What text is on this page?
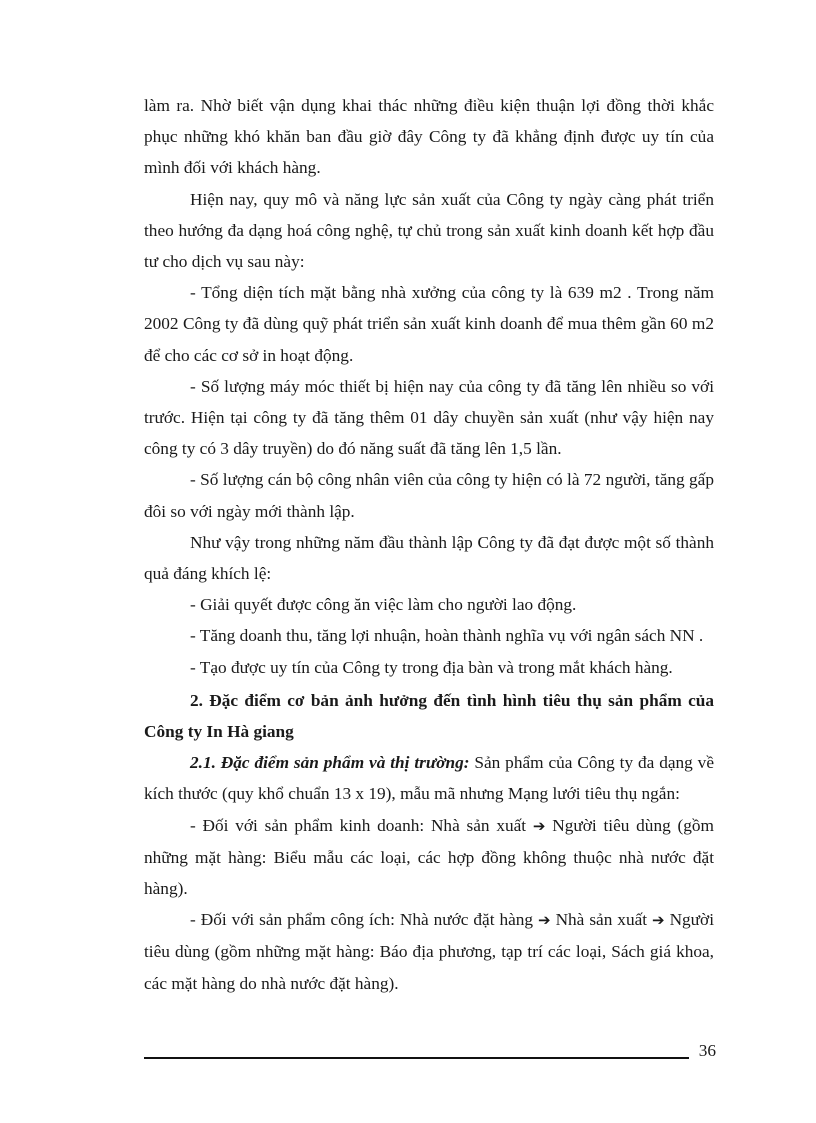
làm ra. Nhờ biết vận dụng khai thác những điều kiện thuận lợi đồng thời khắc phục những khó khăn ban đầu giờ đây Công ty đã khẳng định được uy tín của mình đối với khách hàng.

Hiện nay, quy mô và năng lực sản xuất của Công ty ngày càng phát triển theo hướng đa dạng hoá công nghệ, tự chủ trong sản xuất kinh doanh kết hợp đầu tư cho dịch vụ sau này:

- Tổng diện tích mặt bằng nhà xưởng của công ty là 639 m2 . Trong năm 2002 Công ty đã dùng quỹ phát triển sản xuất kinh doanh để mua thêm gần 60 m2 để cho các cơ sở in hoạt động.

- Số lượng máy móc thiết bị hiện nay của công ty đã tăng lên nhiều so với trước. Hiện tại công ty đã tăng thêm 01 dây chuyền sản xuất (như vậy hiện nay công ty có 3 dây truyền) do đó năng suất đã tăng lên 1,5 lần.

- Số lượng cán bộ công nhân viên của công ty hiện có là 72 người, tăng gấp đôi so với ngày mới thành lập.

Như vậy trong những năm đầu thành lập Công ty đã đạt được một số thành quả đáng khích lệ:

- Giải quyết được công ăn việc làm cho người lao động.

- Tăng doanh thu, tăng lợi nhuận, hoàn thành nghĩa vụ với ngân sách NN .

- Tạo được uy tín của Công ty trong địa bàn và trong mắt khách hàng.

2. Đặc điểm cơ bản ảnh hưởng đến tình hình tiêu thụ sản phẩm của Công ty In Hà giang

2.1. Đặc điểm sản phẩm và thị trường: Sản phẩm của Công ty đa dạng về kích thước (quy khổ chuẩn 13 x 19), mẫu mã nhưng Mạng lưới tiêu thụ ngắn:

- Đối với sản phẩm kinh doanh: Nhà sản xuất ➔ Người tiêu dùng (gồm những mặt hàng: Biểu mẫu các loại, các hợp đồng không thuộc nhà nước đặt hàng).

- Đối với sản phẩm công ích: Nhà nước đặt hàng ➔ Nhà sản xuất ➔ Người tiêu dùng (gồm những mặt hàng: Báo địa phương, tạp trí các loại, Sách giá khoa, các mặt hàng do nhà nước đặt hàng).

36
